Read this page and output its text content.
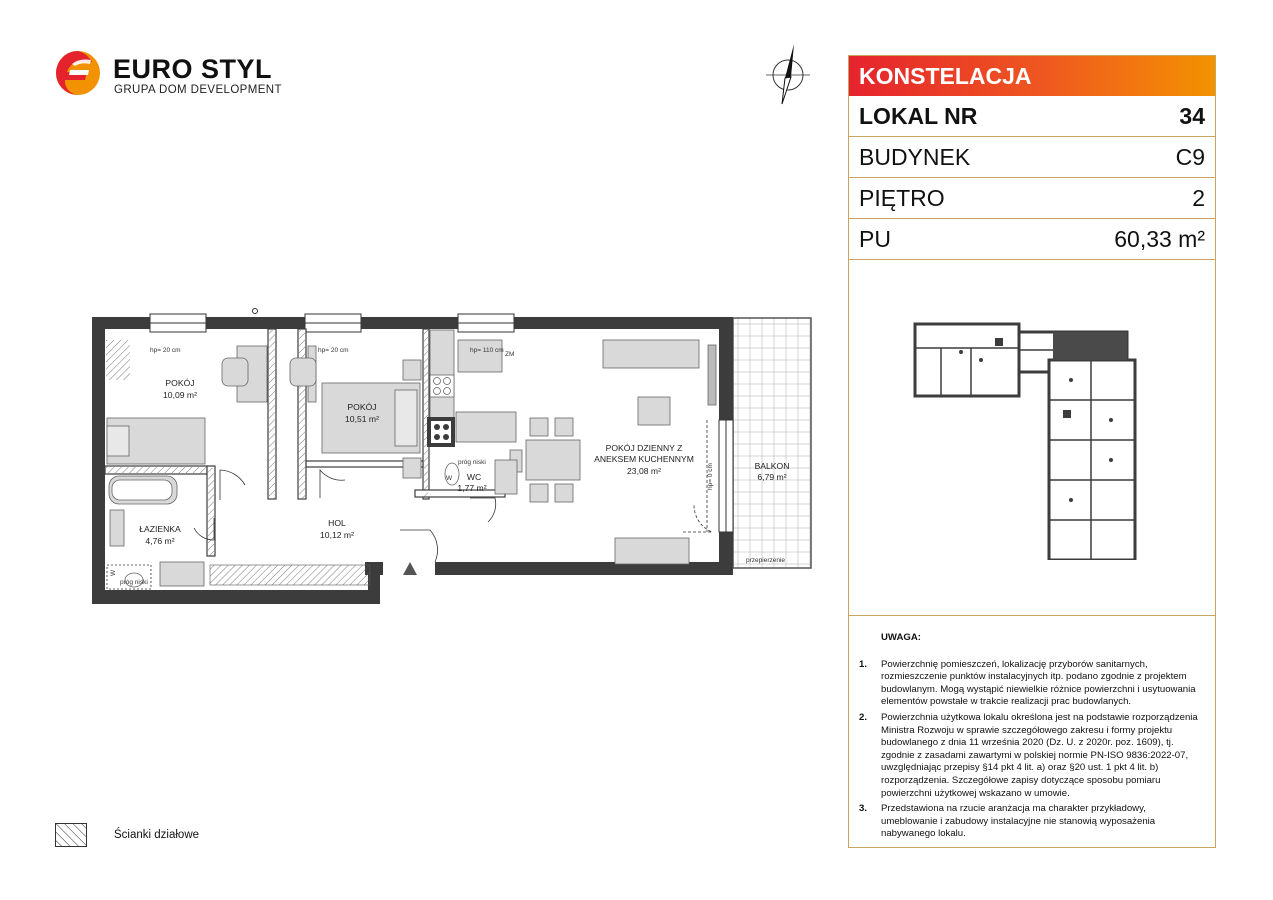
EURO STYL
GRUPA DOM DEVELOPMENT
POKÓJ
10,09 m²
POKÓJ
10,51 m²
POKÓJ DZIENNY Z
ANEKSEM KUCHENNYM
23,08 m²	BALKON
6,79 m²
ŁAZIENKA
4,76 m²
HOL
10,12 m²
WC
1,77 m²
hp= 20 cm	hp= 20 cm	hp= 110 cm
ZM
próg niski
próg niski
hp= 0 cm
przepierzenie
W
W
KONSTELACJA
LOKAL NR	34
BUDYNEK	C9
PIĘTRO	2
PU	60,33 m²
UWAGA:
1.	Powierzchnię pomieszczeń, lokalizację przyborów sanitarnych, rozmieszczenie punktów instalacyjnych itp. podano zgodnie z projektem budowlanym. Mogą wystąpić niewielkie różnice powierzchni i usytuowania elementów powstałe w trakcie realizacji prac budowlanych.
2.	Powierzchnia użytkowa lokalu określona jest na podstawie rozporządzenia Ministra Rozwoju w sprawie szczegółowego zakresu i formy projektu budowlanego z dnia 11 września 2020 (Dz. U. z 2020r. poz. 1609), tj. zgodnie z zasadami zawartymi w polskiej normie PN-ISO 9836:2022-07, uwzględniając przepisy §14 pkt 4 lit. a) oraz §20 ust. 1 pkt 4 lit. b) rozporządzenia. Szczegółowe zapisy dotyczące sposobu pomiaru powierzchni użytkowej wskazano w umowie.
3.	Przedstawiona na rzucie aranżacja ma charakter przykładowy, umeblowanie i zabudowy instalacyjne nie stanowią wyposażenia nabywanego lokalu.
Ścianki działowe
